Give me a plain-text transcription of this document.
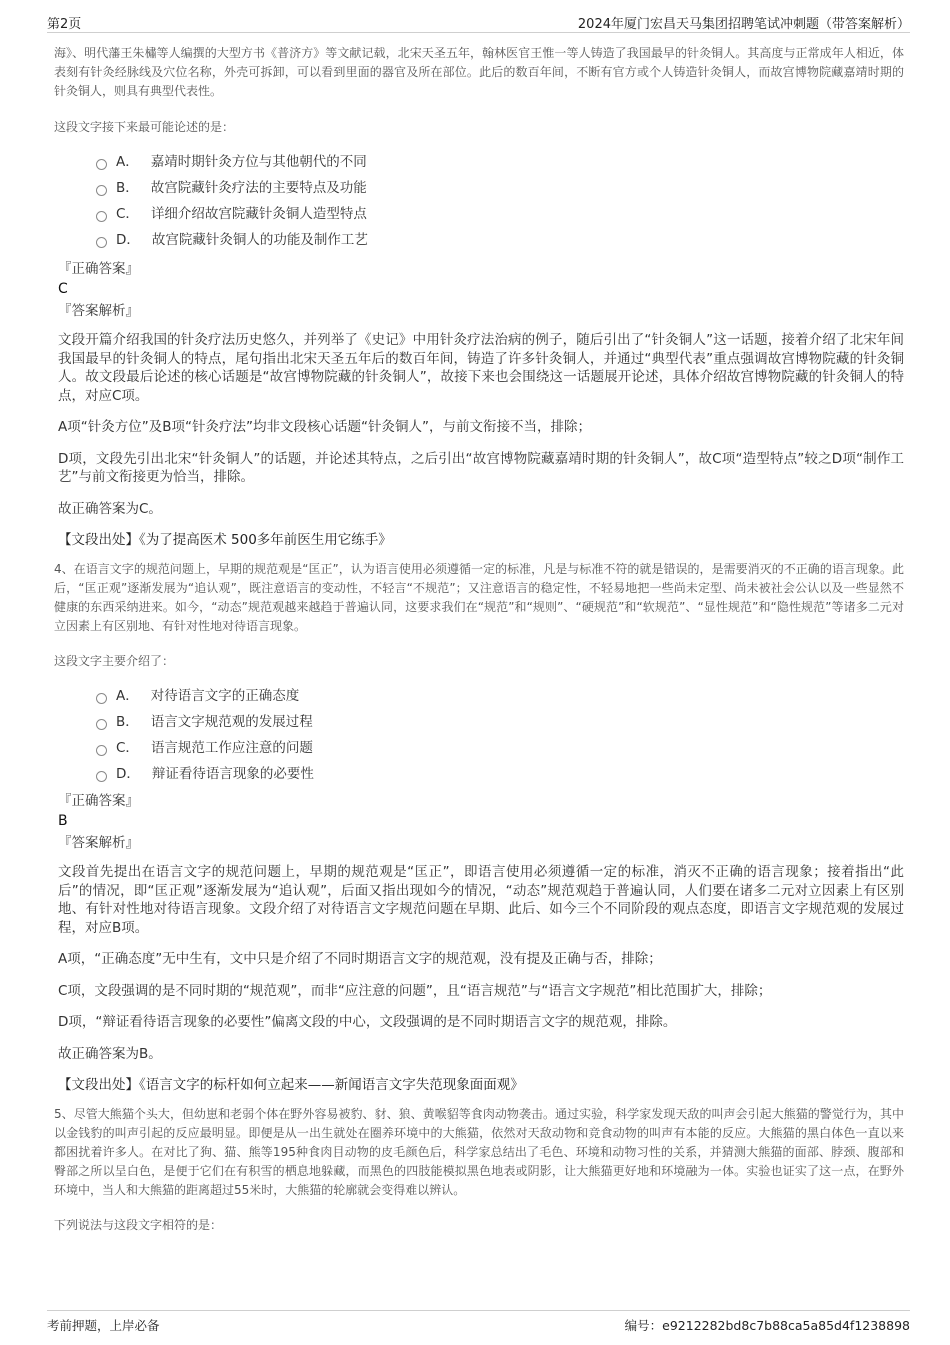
第2页	2024年厦门宏昌天马集团招聘笔试冲刺题（带答案解析）

海》、明代藩王朱橚等人编撰的大型方书《普济方》等文献记载，北宋天圣五年，翰林医官王惟一等人铸造了我国最早的针灸铜人。其高度与正常成年人相近，体表刻有针灸经脉线及穴位名称，外壳可拆卸，可以看到里面的器官及所在部位。此后的数百年间，不断有官方或个人铸造针灸铜人，而故宫博物院藏嘉靖时期的针灸铜人，则具有典型代表性。

这段文字接下来最可能论述的是：

A． 嘉靖时期针灸方位与其他朝代的不同
B． 故宫院藏针灸疗法的主要特点及功能
C． 详细介绍故宫院藏针灸铜人造型特点
D． 故宫院藏针灸铜人的功能及制作工艺

『正确答案』

C

『答案解析』

文段开篇介绍我国的针灸疗法历史悠久，并列举了《史记》中用针灸疗法治病的例子，随后引出了“针灸铜人”这一话题，接着介绍了北宋年间我国最早的针灸铜人的特点，尾句指出北宋天圣五年后的数百年间，铸造了许多针灸铜人，并通过“典型代表”重点强调故宫博物院藏的针灸铜人。故文段最后论述的核心话题是“故宫博物院藏的针灸铜人”，故接下来也会围绕这一话题展开论述，具体介绍故宫博物院藏的针灸铜人的特点，对应C项。

A项“针灸方位”及B项“针灸疗法”均非文段核心话题“针灸铜人”，与前文衔接不当，排除；

D项，文段先引出北宋“针灸铜人”的话题，并论述其特点，之后引出“故宫博物院藏嘉靖时期的针灸铜人”，故C项“造型特点”较之D项“制作工艺”与前文衔接更为恰当，排除。

故正确答案为C。

【文段出处】《为了提高医术 500多年前医生用它练手》

4、在语言文字的规范问题上，早期的规范观是“匡正”，认为语言使用必须遵循一定的标准，凡是与标准不符的就是错误的，是需要消灭的不正确的语言现象。此后，“匡正观”逐渐发展为“追认观”，既注意语言的变动性，不轻言“不规范”；又注意语言的稳定性，不轻易地把一些尚未定型、尚未被社会公认以及一些显然不健康的东西采纳进来。如今，“动态”规范观越来越趋于普遍认同，这要求我们在“规范”和“规则”、“硬规范”和“软规范”、“显性规范”和“隐性规范”等诸多二元对立因素上有区别地、有针对性地对待语言现象。

这段文字主要介绍了：

A． 对待语言文字的正确态度
B． 语言文字规范观的发展过程
C． 语言规范工作应注意的问题
D． 辩证看待语言现象的必要性

『正确答案』

B

『答案解析』

文段首先提出在语言文字的规范问题上，早期的规范观是“匡正”，即语言使用必须遵循一定的标准，消灭不正确的语言现象；接着指出“此后”的情况，即“匡正观”逐渐发展为“追认观”，后面又指出现如今的情况，“动态”规范观趋于普遍认同，人们要在诸多二元对立因素上有区别地、有针对性地对待语言现象。文段介绍了对待语言文字规范问题在早期、此后、如今三个不同阶段的观点态度，即语言文字规范观的发展过程，对应B项。

A项，“正确态度”无中生有，文中只是介绍了不同时期语言文字的规范观，没有提及正确与否，排除；

C项，文段强调的是不同时期的“规范观”，而非“应注意的问题”，且“语言规范”与“语言文字规范”相比范围扩大，排除；

D项，“辩证看待语言现象的必要性”偏离文段的中心，文段强调的是不同时期语言文字的规范观，排除。

故正确答案为B。

【文段出处】《语言文字的标杆如何立起来——新闻语言文字失范现象面面观》

5、尽管大熊猫个头大，但幼崽和老弱个体在野外容易被豹、豺、狼、黄喉貂等食肉动物袭击。通过实验，科学家发现天敌的叫声会引起大熊猫的警觉行为，其中以金钱豹的叫声引起的反应最明显。即便是从一出生就处在圈养环境中的大熊猫，依然对天敌动物和竞食动物的叫声有本能的反应。大熊猫的黑白体色一直以来都困扰着许多人。在对比了狗、猫、熊等195种食肉目动物的皮毛颜色后，科学家总结出了毛色、环境和动物习性的关系，并猜测大熊猫的面部、脖颈、腹部和臀部之所以呈白色，是便于它们在有积雪的栖息地躲藏，而黑色的四肢能模拟黑色地表或阴影，让大熊猫更好地和环境融为一体。实验也证实了这一点，在野外环境中，当人和大熊猫的距离超过55米时，大熊猫的轮廓就会变得难以辨认。

下列说法与这段文字相符的是：

考前押题，上岸必备	编号：e9212282bd8c7b88ca5a85d4f1238898
